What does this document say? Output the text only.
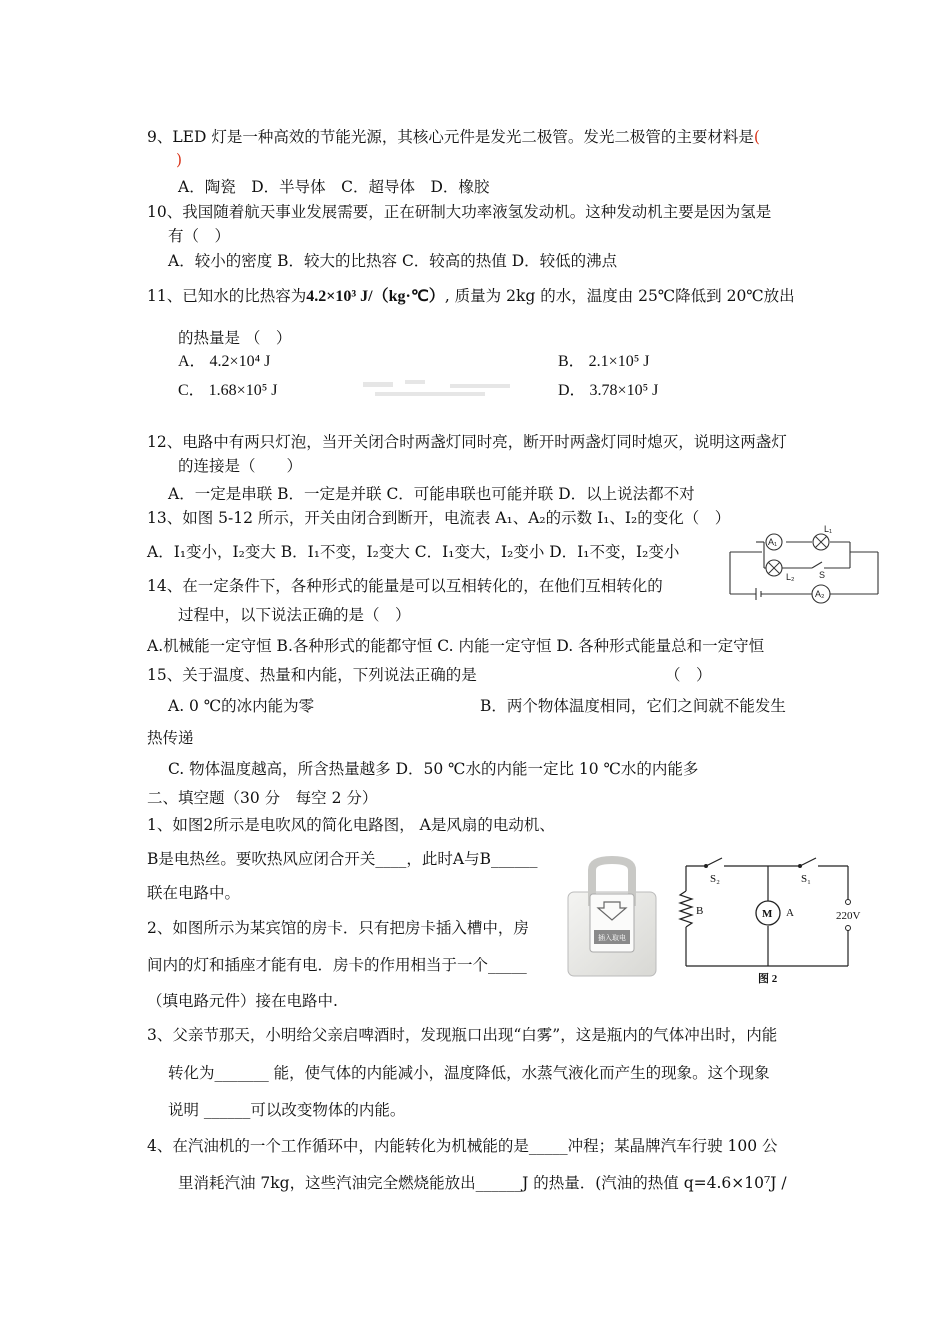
9、LED 灯是一种高效的节能光源，其核心元件是发光二极管。发光二极管的主要材料是(
)
A．陶瓷　D．半导体　C．超导体　D．橡胶
10、我国随着航天事业发展需要，正在研制大功率液氢发动机。这种发动机主要是因为氢是
有（　）
A．较小的密度 B．较大的比热容 C．较高的热值 D．较低的沸点
11、已知水的比热容为4.2×10³ J/（kg·℃）, 质量为 2kg 的水，温度由 25℃降低到 20℃放出
的热量是 （　）
A． 4.2×10⁴ J	B． 2.1×10⁵ J
C． 1.68×10⁵ J	D． 3.78×10⁵ J
12、电路中有两只灯泡，当开关闭合时两盏灯同时亮，断开时两盏灯同时熄灭，说明这两盏灯
的连接是（　　）
A．一定是串联 B．一定是并联 C．可能串联也可能并联 D．以上说法都不对
13、如图 5-12 所示，开关由闭合到断开，电流表 A₁、A₂的示数 I₁、I₂的变化（　）
A．I₁变小，I₂变大 B．I₁不变，I₂变大 C．I₁变大，I₂变小 D．I₁不变，I₂变小
A₁
A₂
L₁
L₂	S
14、在一定条件下，各种形式的能量是可以互相转化的，在他们互相转化的
过程中，以下说法正确的是（　）
A.机械能一定守恒 B.各种形式的能都守恒 C. 内能一定守恒 D. 各种形式能量总和一定守恒
15、关于温度、热量和内能，下列说法正确的是	（　）
A. 0 ℃的冰内能为零	B．两个物体温度相同，它们之间就不能发生
热传递
C. 物体温度越高，所含热量越多 D．50 ℃水的内能一定比 10 ℃水的内能多
二、填空题（30 分　每空 2 分）
1、如图2所示是电吹风的简化电路图， A是风扇的电动机、
B是电热丝。要吹热风应闭合开关____，此时A与B______
联在电路中。
2、如图所示为某宾馆的房卡．只有把房卡插入槽中，房
间内的灯和插座才能有电．房卡的作用相当于一个_____
（填电路元件）接在电路中.
插入取电
S₂	S₁
B	M A	220V
图 2
3、父亲节那天，小明给父亲启啤酒时，发现瓶口出现“白雾”，这是瓶内的气体冲出时，内能
转化为_______ 能，使气体的内能减小，温度降低，水蒸气液化而产生的现象。这个现象
说明 ______可以改变物体的内能。
4、在汽油机的一个工作循环中，内能转化为机械能的是_____冲程；某晶牌汽车行驶 100 公
里消耗汽油 7kg，这些汽油完全燃烧能放出______J 的热量．(汽油的热值 q=4.6×10⁷J /
